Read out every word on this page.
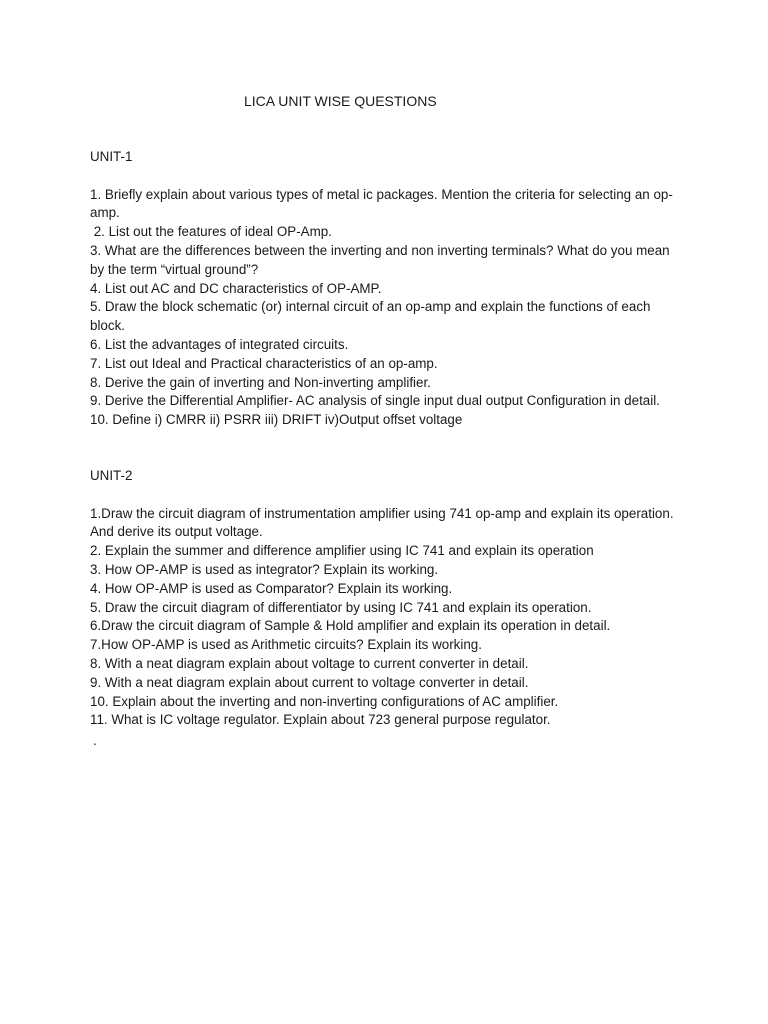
LICA UNIT WISE QUESTIONS
UNIT-1
1. Briefly explain about various types of metal ic packages. Mention the criteria for selecting an op-amp.
2. List out the features of ideal OP-Amp.
3. What are the differences between the inverting and non inverting terminals? What do you mean by the term “virtual ground”?
4. List out AC and DC characteristics of OP-AMP.
5. Draw the block schematic (or) internal circuit of an op-amp and explain the functions of each block.
6. List the advantages of integrated circuits.
7. List out Ideal and Practical characteristics of an op-amp.
8. Derive the gain of inverting and Non-inverting amplifier.
9. Derive the Differential Amplifier- AC analysis of single input dual output Configuration in detail.
10. Define i) CMRR ii) PSRR iii) DRIFT iv)Output offset voltage
UNIT-2
1.Draw the circuit diagram of instrumentation amplifier using 741 op-amp and explain its operation. And derive its output voltage.
2. Explain the summer and difference amplifier using IC 741 and explain its operation
3. How OP-AMP is used as integrator? Explain its working.
4. How OP-AMP is used as Comparator? Explain its working.
5. Draw the circuit diagram of differentiator by using IC 741 and explain its operation.
6.Draw the circuit diagram of Sample & Hold amplifier and explain its operation in detail.
7.How OP-AMP is used as Arithmetic circuits? Explain its working.
8. With a neat diagram explain about voltage to current converter in detail.
9. With a neat diagram explain about current to voltage converter in detail.
10. Explain about the inverting and non-inverting configurations of AC amplifier.
11. What is IC voltage regulator. Explain about 723 general purpose regulator.
.
